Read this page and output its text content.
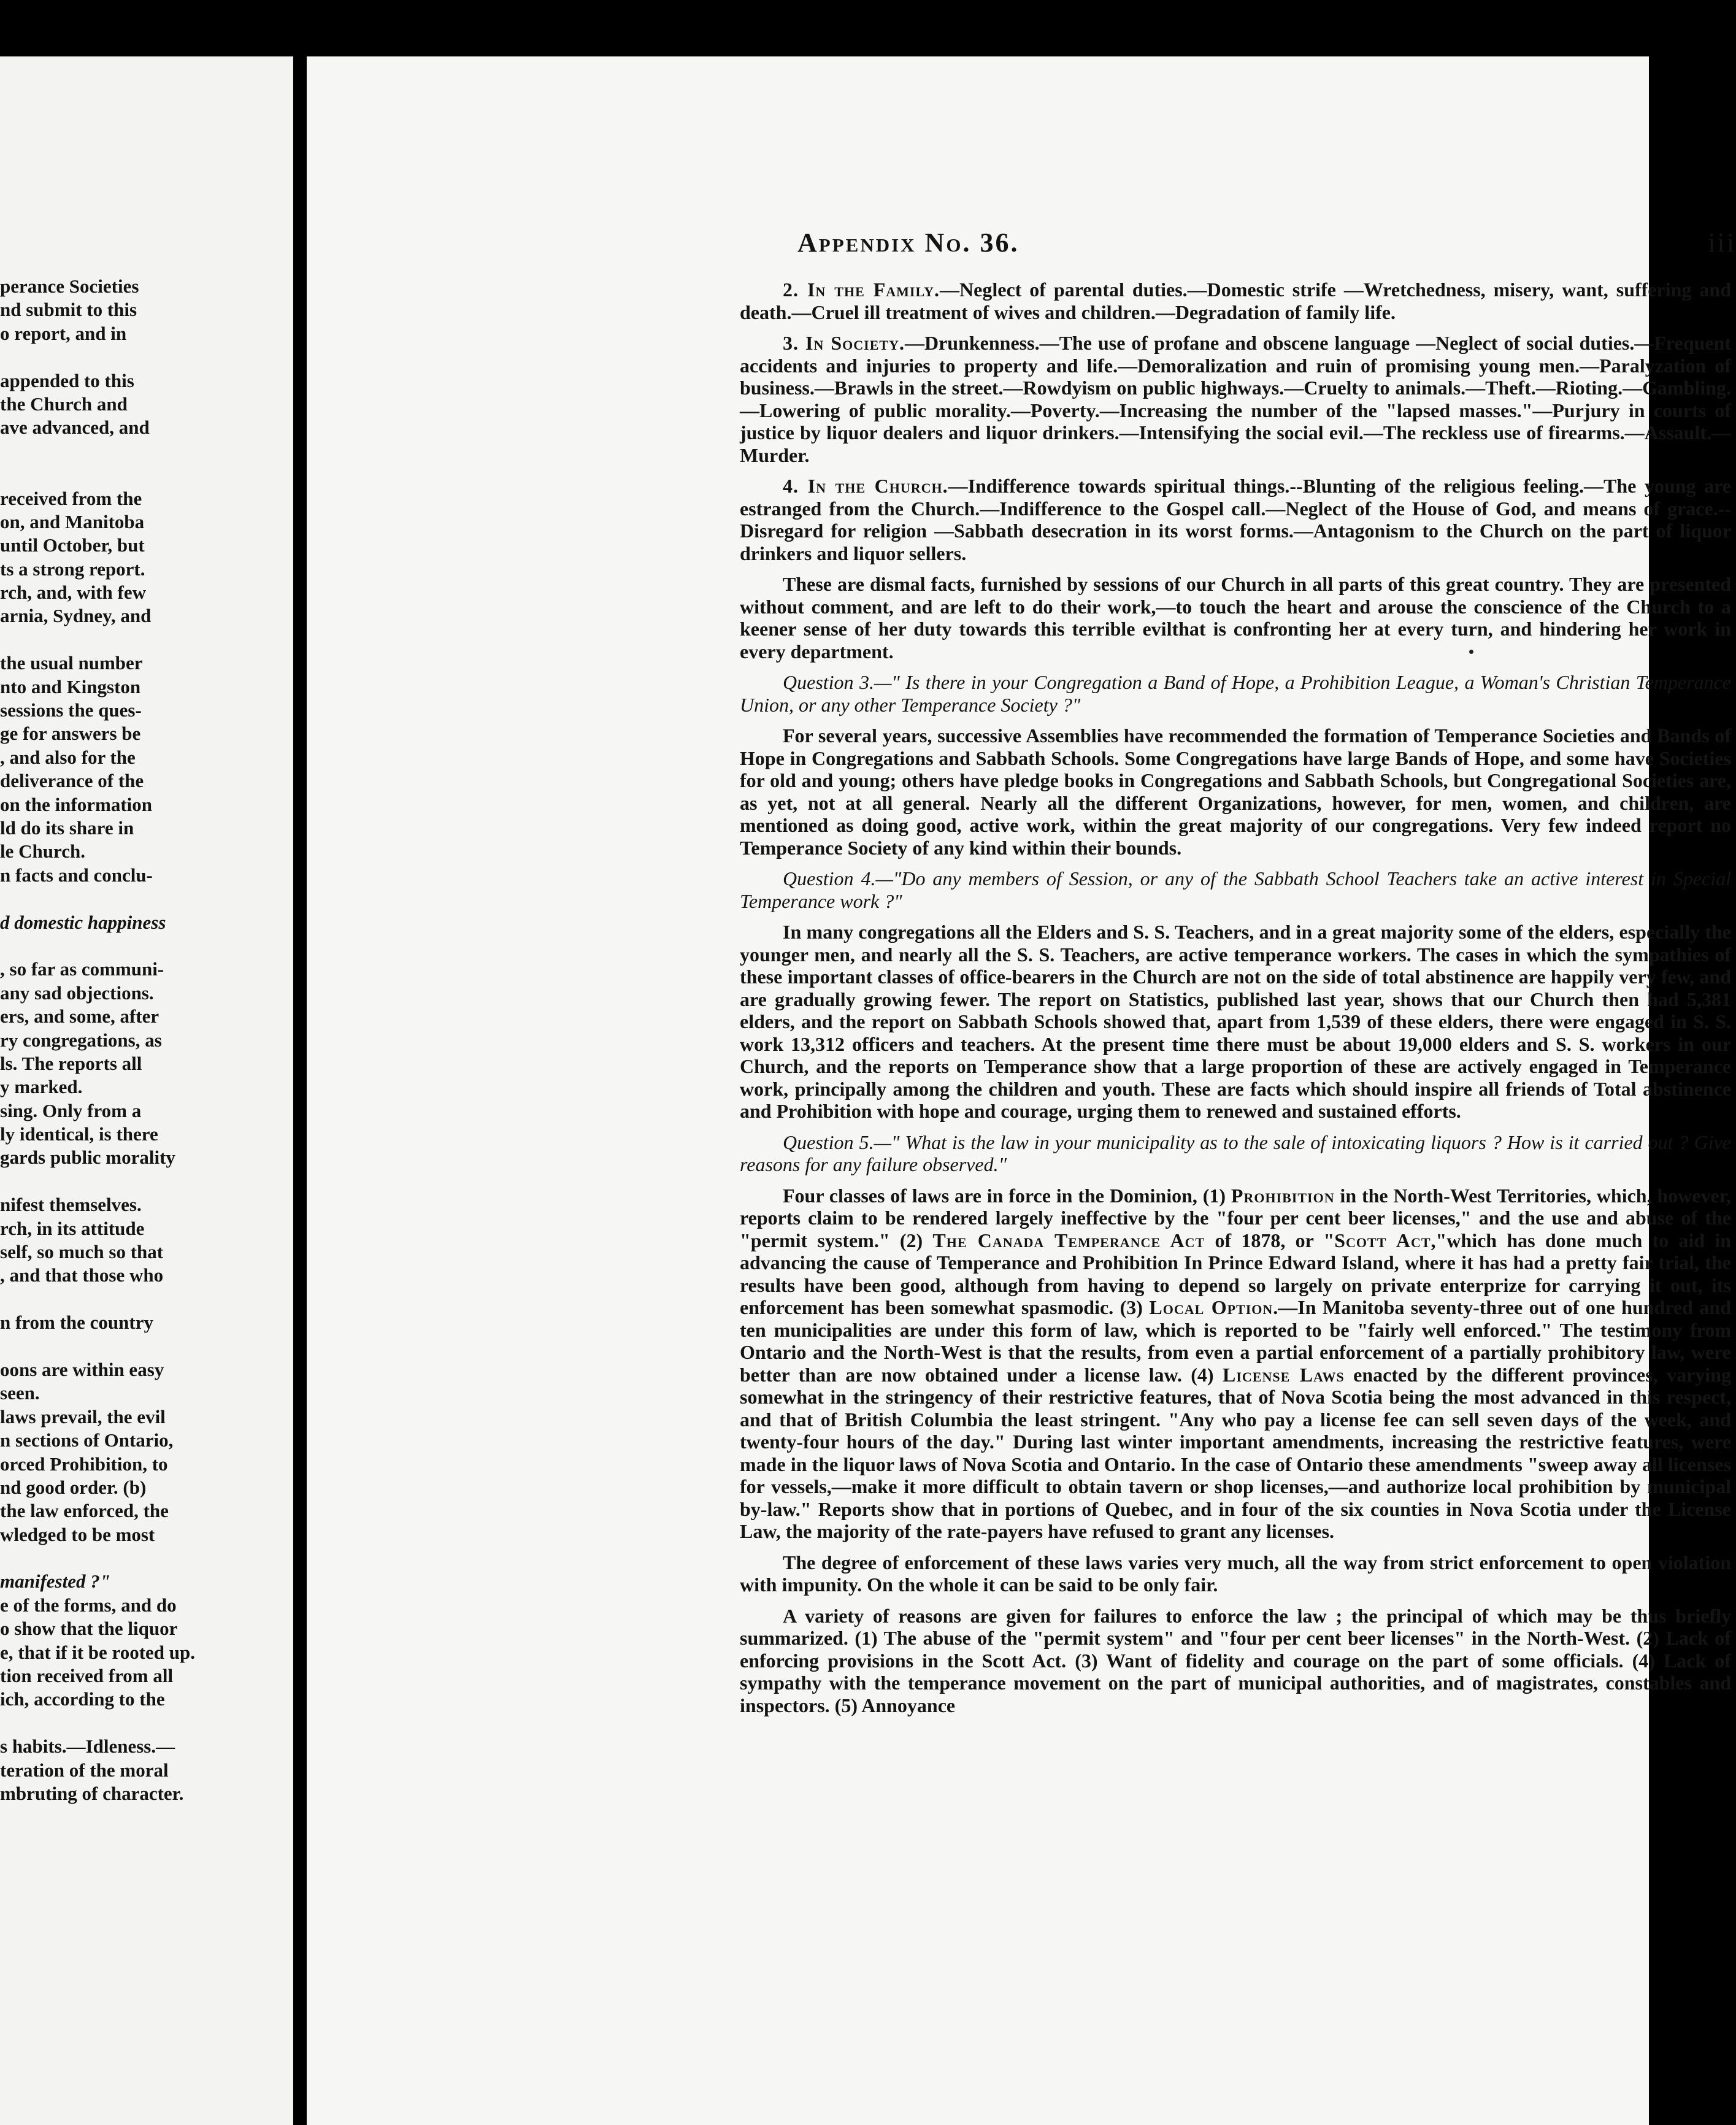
perance Societies
nd submit to this
o report, and in
appended to this
the Church and
ave advanced, and
received from the
on, and Manitoba
until October, but
ts a strong report.
rch, and, with few
arnia, Sydney, and
the usual number
nto and Kingston
sessions the ques-
ge for answers be
, and also for the
deliverance of the
on the information
ld do its share in
le Church.
n facts and conclu-
d domestic happiness
, so far as communi-
any sad objections.
ers, and some, after
ry congregations, as
ls. The reports all
y marked.
sing. Only from a
ly identical, is there
gards public morality
nifest themselves.
rch, in its attitude
self, so much so that
, and that those who
n from the country
oons are within easy
seen.
laws prevail, the evil
n sections of Ontario,
orced Prohibition, to
nd good order. (b)
the law enforced, the
wledged to be most
manifested ?"
e of the forms, and do
o show that the liquor
e, that if it be rooted up.
tion received from all
ich, according to the
s habits.—Idleness.—
teration of the moral
mbruting of character.
Appendix No. 36.	iii

2. In the Family.—Neglect of parental duties.—Domestic strife —Wretchedness, misery, want, suffering and death.—Cruel ill treatment of wives and children.—Degradation of family life.

3. In Society.—Drunkenness.—The use of profane and obscene language —Neglect of social duties.—Frequent accidents and injuries to property and life.—Demoralization and ruin of promising young men.—Paralyzation of business.—Brawls in the street.—Rowdyism on public highways.—Cruelty to animals.—Theft.—Rioting.—Gambling.—Lowering of public morality.—Poverty.—Increasing the number of the "lapsed masses."—Purjury in courts of justice by liquor dealers and liquor drinkers.—Intensifying the social evil.—The reckless use of firearms.—Assault.—Murder.

4. In the Church.—Indifference towards spiritual things.--Blunting of the religious feeling.—The young are estranged from the Church.—Indifference to the Gospel call.—Neglect of the House of God, and means of grace.--Disregard for religion —Sabbath desecration in its worst forms.—Antagonism to the Church on the part of liquor drinkers and liquor sellers.

These are dismal facts, furnished by sessions of our Church in all parts of this great country. They are presented without comment, and are left to do their work,—to touch the heart and arouse the conscience of the Church to a keener sense of her duty towards this terrible evilthat is confronting her at every turn, and hindering her work in every department.

Question 3.—" Is there in your Congregation a Band of Hope, a Prohibition League, a Woman's Christian Temperance Union, or any other Temperance Society ?"

For several years, successive Assemblies have recommended the formation of Temperance Societies and Bands of Hope in Congregations and Sabbath Schools. Some Congregations have large Bands of Hope, and some have Societies for old and young; others have pledge books in Congregations and Sabbath Schools, but Congregational Societies are, as yet, not at all general. Nearly all the different Organizations, however, for men, women, and children, are mentioned as doing good, active work, within the great majority of our congregations. Very few indeed report no Temperance Society of any kind within their bounds.

Question 4.—"Do any members of Session, or any of the Sabbath School Teachers take an active interest in Special Temperance work ?"

In many congregations all the Elders and S. S. Teachers, and in a great majority some of the elders, especially the younger men, and nearly all the S. S. Teachers, are active temperance workers. The cases in which the sympathies of these important classes of office-bearers in the Church are not on the side of total abstinence are happily very few, and are gradually growing fewer. The report on Statistics, published last year, shows that our Church then had 5,381 elders, and the report on Sabbath Schools showed that, apart from 1,539 of these elders, there were engaged in S. S. work 13,312 officers and teachers. At the present time there must be about 19,000 elders and S. S. workers in our Church, and the reports on Temperance show that a large proportion of these are actively engaged in Temperance work, principally among the children and youth. These are facts which should inspire all friends of Total abstinence and Prohibition with hope and courage, urging them to renewed and sustained efforts.

Question 5.—" What is the law in your municipality as to the sale of intoxicating liquors ? How is it carried out ? Give reasons for any failure observed."

Four classes of laws are in force in the Dominion, (1) Prohibition in the North-West Territories, which, however, reports claim to be rendered largely ineffective by the "four per cent beer licenses," and the use and abuse of the "permit system." (2) The Canada Temperance Act of 1878, or "Scott Act,"which has done much to aid in advancing the cause of Temperance and Prohibition In Prince Edward Island, where it has had a pretty fair trial, the results have been good, although from having to depend so largely on private enterprize for carrying it out, its enforcement has been somewhat spasmodic. (3) Local Option.—In Manitoba seventy-three out of one hundred and ten municipalities are under this form of law, which is reported to be "fairly well enforced." The testimony from Ontario and the North-West is that the results, from even a partial enforcement of a partially prohibitory law, were better than are now obtained under a license law. (4) License Laws enacted by the different provinces, varying somewhat in the stringency of their restrictive features, that of Nova Scotia being the most advanced in this respect, and that of British Columbia the least stringent. "Any who pay a license fee can sell seven days of the week, and twenty-four hours of the day." During last winter important amendments, increasing the restrictive features, were made in the liquor laws of Nova Scotia and Ontario. In the case of Ontario these amendments "sweep away all licenses for vessels,—make it more difficult to obtain tavern or shop licenses,—and authorize local prohibition by municipal by-law." Reports show that in portions of Quebec, and in four of the six counties in Nova Scotia under the License Law, the majority of the rate-payers have refused to grant any licenses.

The degree of enforcement of these laws varies very much, all the way from strict enforcement to open violation with impunity. On the whole it can be said to be only fair.

A variety of reasons are given for failures to enforce the law ; the principal of which may be thus briefly summarized. (1) The abuse of the "permit system" and "four per cent beer licenses" in the North-West. (2) Lack of enforcing provisions in the Scott Act. (3) Want of fidelity and courage on the part of some officials. (4) Lack of sympathy with the temperance movement on the part of municipal authorities, and of magistrates, constables and inspectors. (5) Annoyance
